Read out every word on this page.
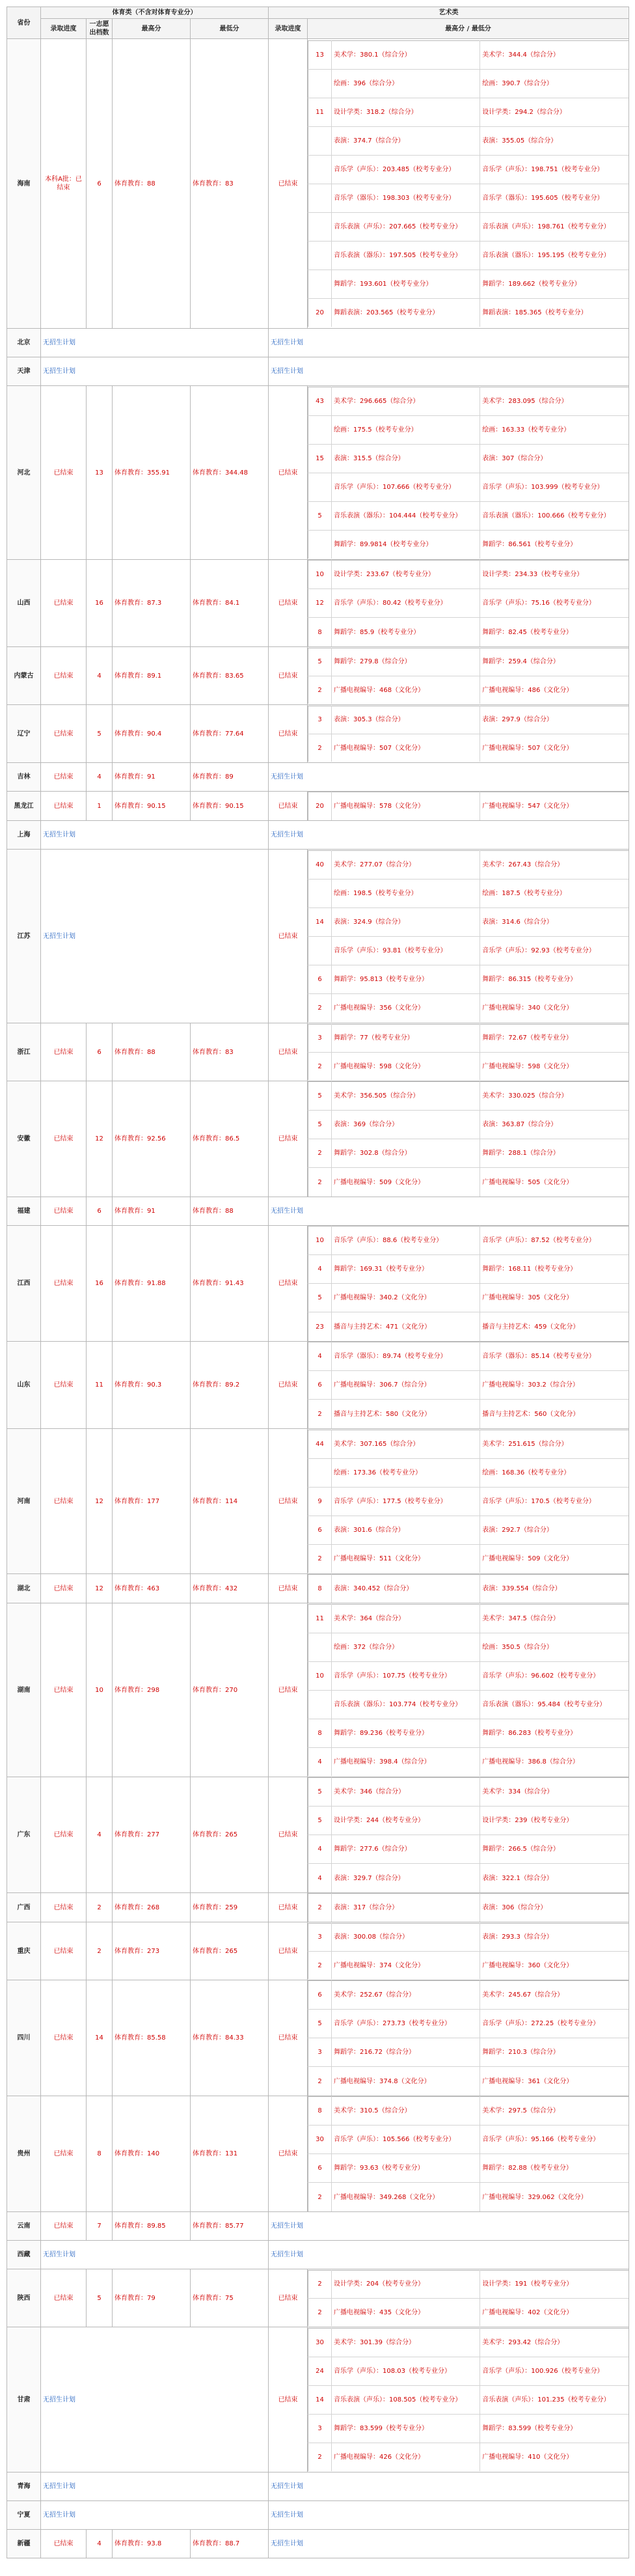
省份	体育类（不含对体育专业分）	艺术类
录取进度	一志愿出档数	最高分	最低分	录取进度	最高分 / 最低分
海南	本科A批：已结束	6	体育教育：88	体育教育：83	已结束	
13	美术学：380.1（综合分）	美术学：344.4（综合分）
	绘画：396（综合分）	绘画：390.7（综合分）
11	设计学类：318.2（综合分）	设计学类：294.2（综合分）
	表演：374.7（综合分）	表演：355.05（综合分）
	音乐学（声乐）：203.485（校考专业分）	音乐学（声乐）：198.751（校考专业分）
	音乐学（器乐）：198.303（校考专业分）	音乐学（器乐）：195.605（校考专业分）
	音乐表演（声乐）：207.665（校考专业分）	音乐表演（声乐）：198.761（校考专业分）
	音乐表演（器乐）：197.505（校考专业分）	音乐表演（器乐）：195.195（校考专业分）
	舞蹈学：193.601（校考专业分）	舞蹈学：189.662（校考专业分）
20	舞蹈表演：203.565（校考专业分）	舞蹈表演：185.365（校考专业分）

北京	无招生计划	无招生计划
天津	无招生计划	无招生计划
河北	已结束	13	体育教育：355.91	体育教育：344.48	已结束	
43	美术学：296.665（综合分）	美术学：283.095（综合分）
	绘画：175.5（校考专业分）	绘画：163.33（校考专业分）
15	表演：315.5（综合分）	表演：307（综合分）
	音乐学（声乐）：107.666（校考专业分）	音乐学（声乐）：103.999（校考专业分）
5	音乐表演（器乐）：104.444（校考专业分）	音乐表演（器乐）：100.666（校考专业分）
	舞蹈学：89.9814（校考专业分）	舞蹈学：86.561（校考专业分）

山西	已结束	16	体育教育：87.3	体育教育：84.1	已结束	
10	设计学类：233.67（校考专业分）	设计学类：234.33（校考专业分）
12	音乐学（声乐）：80.42（校考专业分）	音乐学（声乐）：75.16（校考专业分）
8	舞蹈学：85.9（校考专业分）	舞蹈学：82.45（校考专业分）

内蒙古	已结束	4	体育教育：89.1	体育教育：83.65	已结束	
5	舞蹈学：279.8（综合分）	舞蹈学：259.4（综合分）
2	广播电视编导：468（文化分）	广播电视编导：486（文化分）

辽宁	已结束	5	体育教育：90.4	体育教育：77.64	已结束	
3	表演：305.3（综合分）	表演：297.9（综合分）
2	广播电视编导：507（文化分）	广播电视编导：507（文化分）

吉林	已结束	4	体育教育：91	体育教育：89	无招生计划
黑龙江	已结束	1	体育教育：90.15	体育教育：90.15	已结束		20	广播电视编导：578（文化分）	广播电视编导：547（文化分）

上海	无招生计划	无招生计划
江苏	无招生计划	已结束	
40	美术学：277.07（综合分）	美术学：267.43（综合分）
	绘画：198.5（校考专业分）	绘画：187.5（校考专业分）
14	表演：324.9（综合分）	表演：314.6（综合分）
	音乐学（声乐）：93.81（校考专业分）	音乐学（声乐）：92.93（校考专业分）
6	舞蹈学：95.813（校考专业分）	舞蹈学：86.315（校考专业分）
2	广播电视编导：356（文化分）	广播电视编导：340（文化分）

浙江	已结束	6	体育教育：88	体育教育：83	已结束	
3	舞蹈学：77（校考专业分）	舞蹈学：72.67（校考专业分）
2	广播电视编导：598（文化分）	广播电视编导：598（文化分）

安徽	已结束	12	体育教育：92.56	体育教育：86.5	已结束	
5	美术学：356.505（综合分）	美术学：330.025（综合分）
5	表演：369（综合分）	表演：363.87（综合分）
2	舞蹈学：302.8（综合分）	舞蹈学：288.1（综合分）
2	广播电视编导：509（文化分）	广播电视编导：505（文化分）

福建	已结束	6	体育教育：91	体育教育：88	无招生计划
江西	已结束	16	体育教育：91.88	体育教育：91.43	已结束	
10	音乐学（声乐）：88.6（校考专业分）	音乐学（声乐）：87.52（校考专业分）
4	舞蹈学：169.31（校考专业分）	舞蹈学：168.11（校考专业分）
5	广播电视编导：340.2（文化分）	广播电视编导：305（文化分）
23	播音与主持艺术：471（文化分）	播音与主持艺术：459（文化分）

山东	已结束	11	体育教育：90.3	体育教育：89.2	已结束	
4	音乐学（器乐）：89.74（校考专业分）	音乐学（器乐）：85.14（校考专业分）
6	广播电视编导：306.7（综合分）	广播电视编导：303.2（综合分）
2	播音与主持艺术：580（文化分）	播音与主持艺术：560（文化分）

河南	已结束	12	体育教育：177	体育教育：114	已结束	
44	美术学：307.165（综合分）	美术学：251.615（综合分）
	绘画：173.36（校考专业分）	绘画：168.36（校考专业分）
9	音乐学（声乐）：177.5（校考专业分）	音乐学（声乐）：170.5（校考专业分）
6	表演：301.6（综合分）	表演：292.7（综合分）
2	广播电视编导：511（文化分）	广播电视编导：509（文化分）

湖北	已结束	12	体育教育：463	体育教育：432	已结束		8	表演：340.452（综合分）	表演：339.554（综合分）

湖南	已结束	10	体育教育：298	体育教育：270	已结束	
11	美术学：364（综合分）	美术学：347.5（综合分）
	绘画：372（综合分）	绘画：350.5（综合分）
10	音乐学（声乐）：107.75（校考专业分）	音乐学（声乐）：96.602（校考专业分）
	音乐表演（器乐）：103.774（校考专业分）	音乐表演（器乐）：95.484（校考专业分）
8	舞蹈学：89.236（校考专业分）	舞蹈学：86.283（校考专业分）
4	广播电视编导：398.4（综合分）	广播电视编导：386.8（综合分）

广东	已结束	4	体育教育：277	体育教育：265	已结束	
5	美术学：346（综合分）	美术学：334（综合分）
5	设计学类：244（校考专业分）	设计学类：239（校考专业分）
4	舞蹈学：277.6（综合分）	舞蹈学：266.5（综合分）
4	表演：329.7（综合分）	表演：322.1（综合分）

广西	已结束	2	体育教育：268	体育教育：259	已结束		2	表演：317（综合分）	表演：306（综合分）

重庆	已结束	2	体育教育：273	体育教育：265	已结束	
3	表演：300.08（综合分）	表演：293.3（综合分）
2	广播电视编导：374（文化分）	广播电视编导：360（文化分）

四川	已结束	14	体育教育：85.58	体育教育：84.33	已结束	
6	美术学：252.67（综合分）	美术学：245.67（综合分）
5	音乐学（声乐）：273.73（校考专业分）	音乐学（声乐）：272.25（校考专业分）
3	舞蹈学：216.72（综合分）	舞蹈学：210.3（综合分）
2	广播电视编导：374.8（文化分）	广播电视编导：361（文化分）

贵州	已结束	8	体育教育：140	体育教育：131	已结束	
8	美术学：310.5（综合分）	美术学：297.5（综合分）
30	音乐学（声乐）：105.566（校考专业分）	音乐学（声乐）：95.166（校考专业分）
6	舞蹈学：93.63（校考专业分）	舞蹈学：82.88（校考专业分）
2	广播电视编导：349.268（文化分）	广播电视编导：329.062（文化分）

云南	已结束	7	体育教育：89.85	体育教育：85.77	无招生计划
西藏	无招生计划	无招生计划
陕西	已结束	5	体育教育：79	体育教育：75	已结束	
2	设计学类：204（校考专业分）	设计学类：191（校考专业分）
2	广播电视编导：435（文化分）	广播电视编导：402（文化分）

甘肃	无招生计划	已结束	
30	美术学：301.39（综合分）	美术学：293.42（综合分）
24	音乐学（声乐）：108.03（校考专业分）	音乐学（声乐）：100.926（校考专业分）
14	音乐表演（声乐）：108.505（校考专业分）	音乐表演（声乐）：101.235（校考专业分）
3	舞蹈学：83.599（校考专业分）	舞蹈学：83.599（校考专业分）
2	广播电视编导：426（文化分）	广播电视编导：410（文化分）

青海	无招生计划	无招生计划
宁夏	无招生计划	无招生计划
新疆	已结束	4	体育教育：93.8	体育教育：88.7	无招生计划
